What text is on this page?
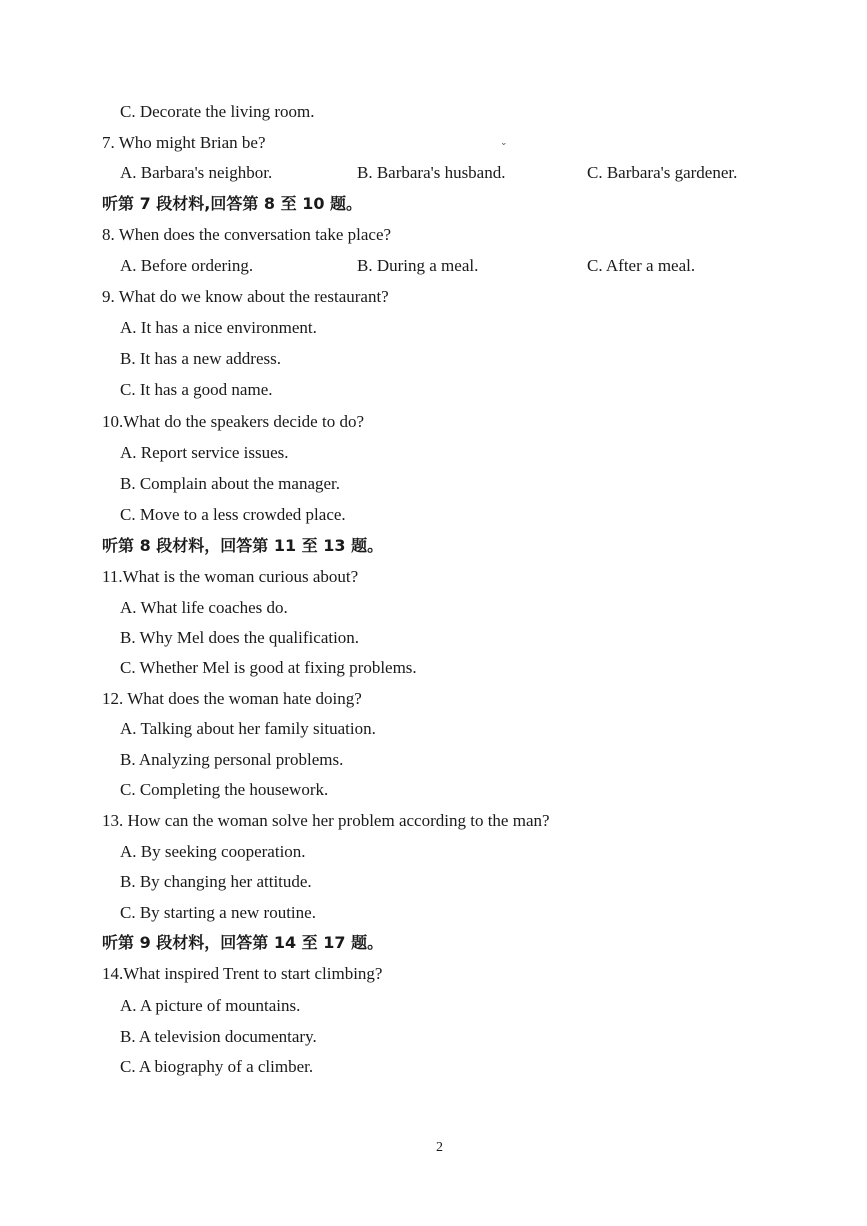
C. Decorate the living room.
7. Who might Brian be?
A. Barbara's neighbor.	B. Barbara's husband.	C. Barbara's gardener.
听第 7 段材料,回答第 8 至 10 题。
8. When does the conversation take place?
A. Before ordering.	B. During a meal.	C. After a meal.
9. What do we know about the restaurant?
A. It has a nice environment.
B. It has a new address.
C. It has a good name.
10.What do the speakers decide to do?
A. Report service issues.
B. Complain about the manager.
C. Move to a less crowded place.
听第 8 段材料，回答第 11 至 13 题。
11.What is the woman curious about?
A. What life coaches do.
B. Why Mel does the qualification.
C. Whether Mel is good at fixing problems.
12. What does the woman hate doing?
A. Talking about her family situation.
B. Analyzing personal problems.
C. Completing the housework.
13. How can the woman solve her problem according to the man?
A. By seeking cooperation.
B. By changing her attitude.
C. By starting a new routine.
听第 9 段材料，回答第 14 至 17 题。
14.What inspired Trent to start climbing?
A. A picture of mountains.
B. A television documentary.
C. A biography of a climber.
⌄
2
